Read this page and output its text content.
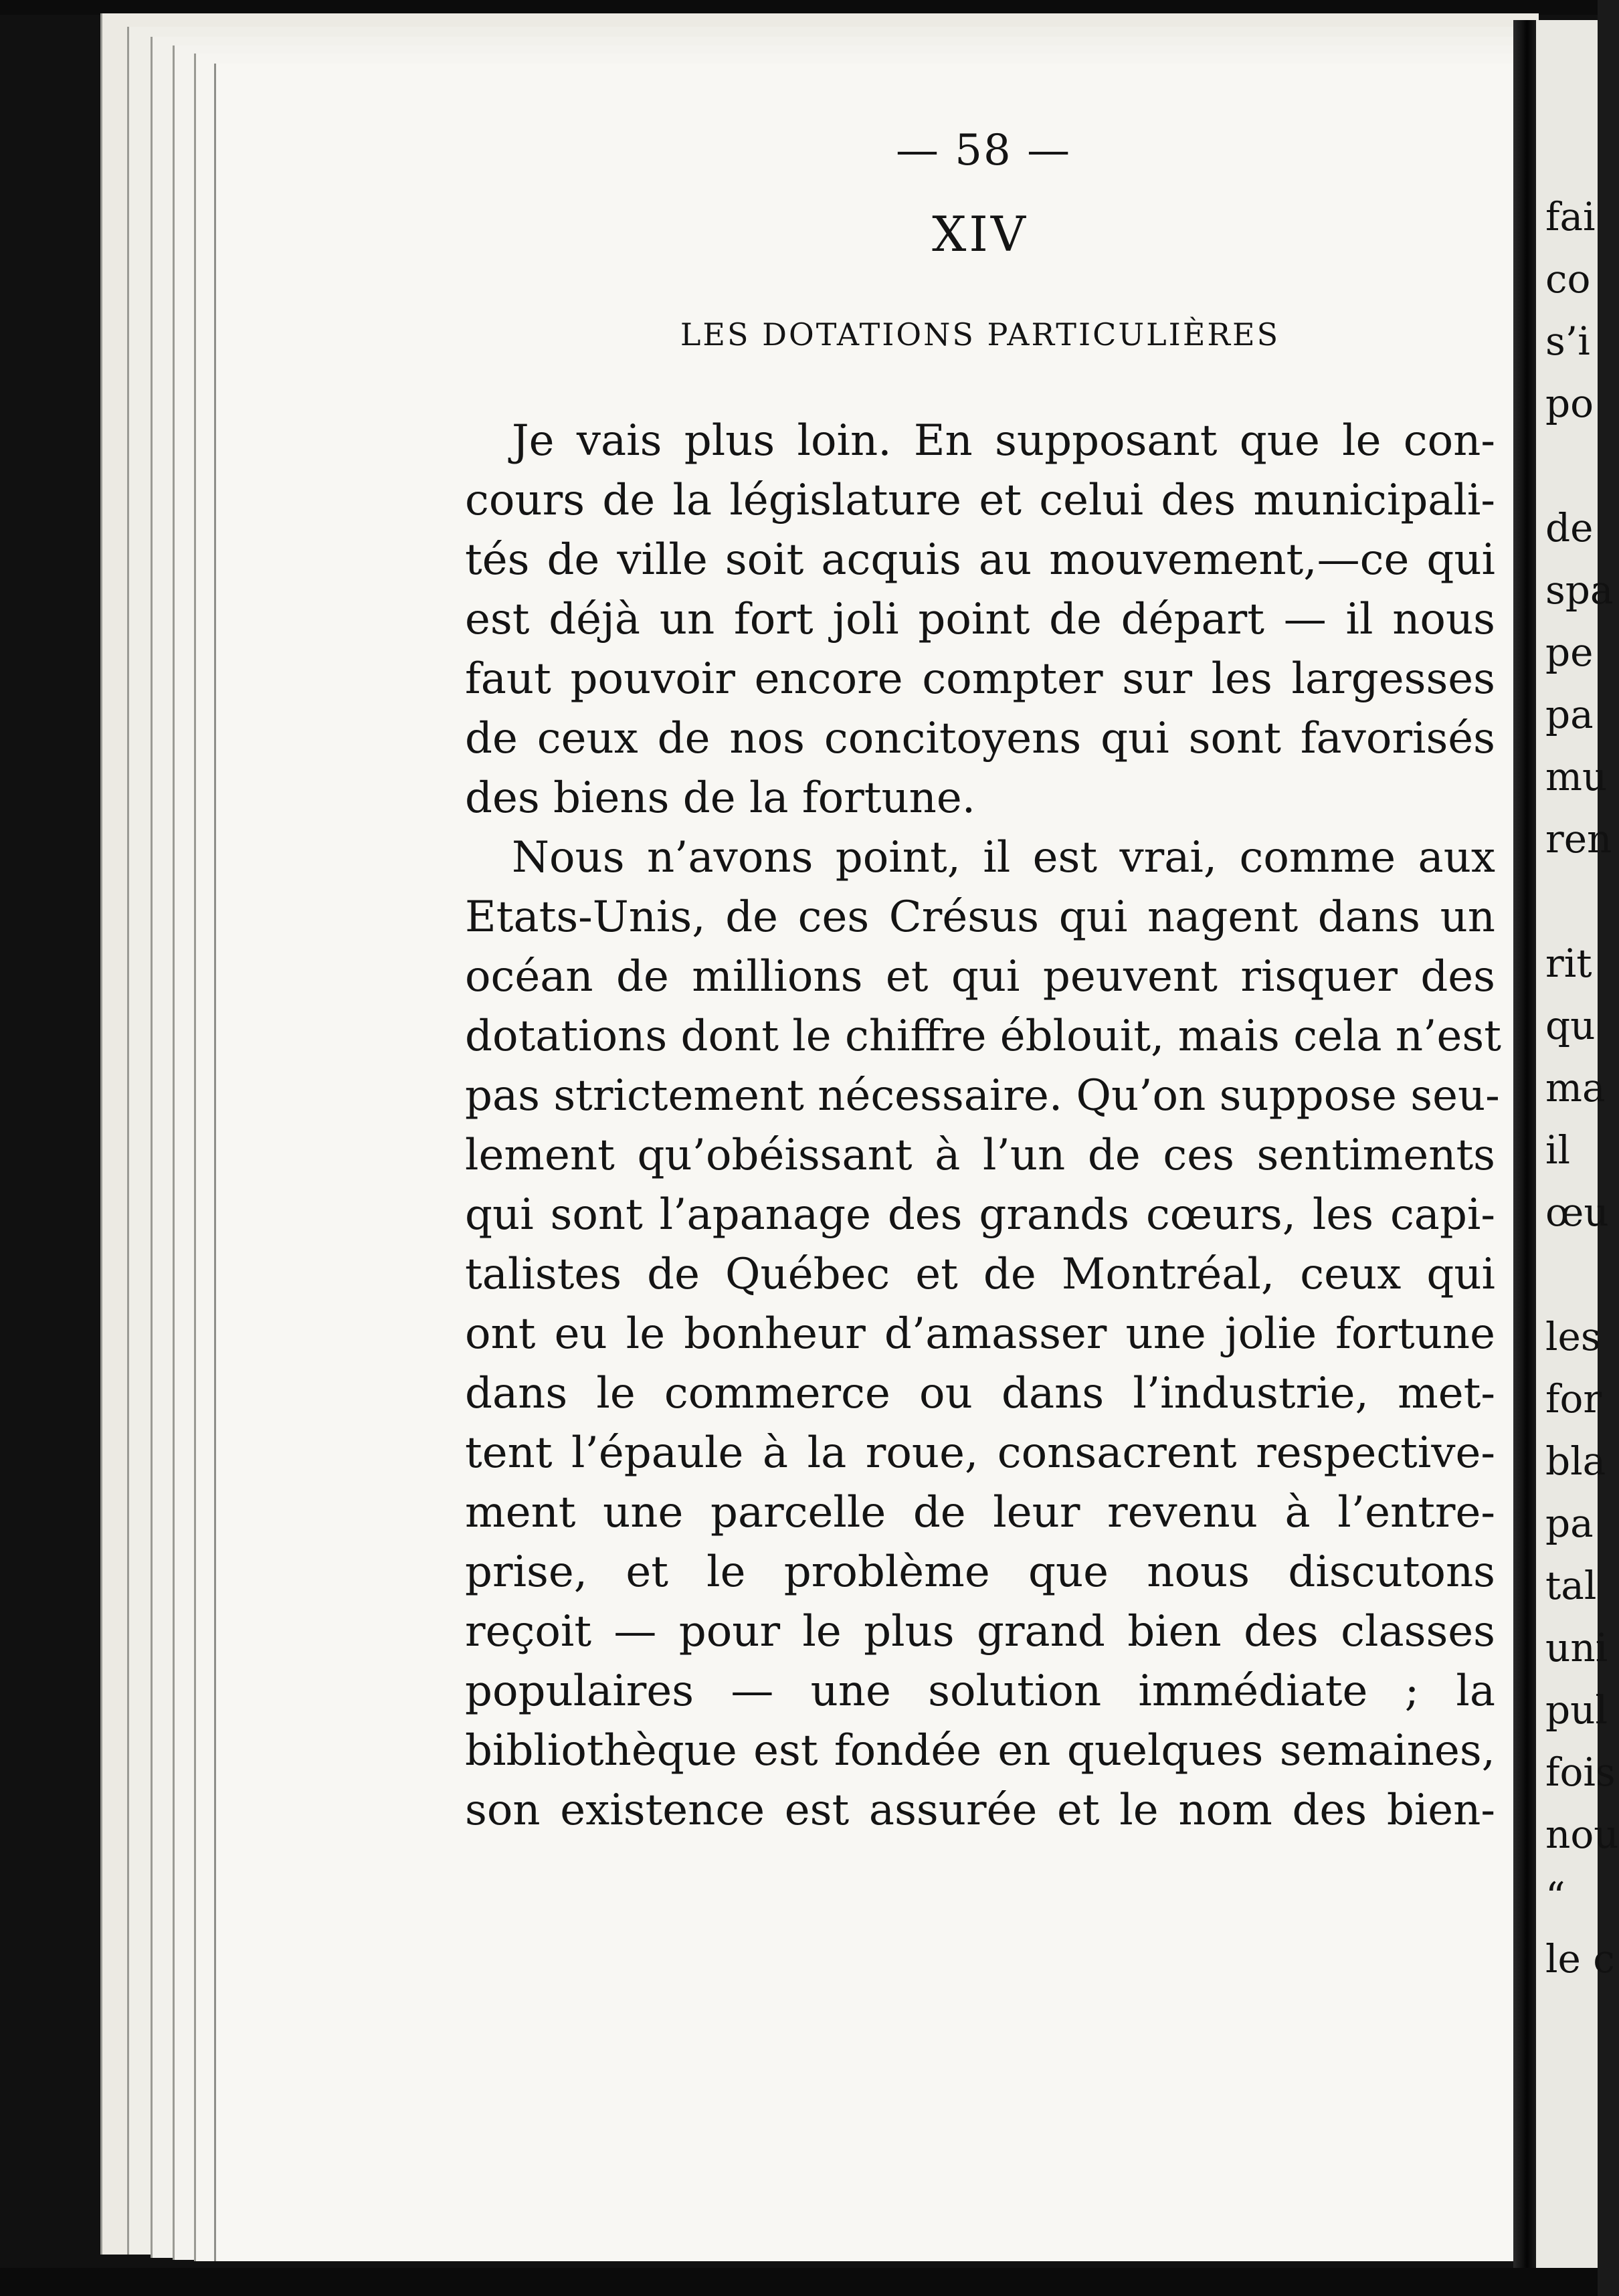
— 58 —
XIV
LES DOTATIONS PARTICULIÈRES
Je vais plus loin. En supposant que le con-
cours de la législature et celui des municipali-
tés de ville soit acquis au mouvement,—ce qui
est déjà un fort joli point de départ — il nous
faut pouvoir encore compter sur les largesses
de ceux de nos concitoyens qui sont favorisés
des biens de la fortune.
Nous n’avons point, il est vrai, comme aux
Etats-Unis, de ces Crésus qui nagent dans un
océan de millions et qui peuvent risquer des
dotations dont le chiffre éblouit, mais cela n’est
pas strictement nécessaire. Qu’on suppose seu-
lement qu’obéissant à l’un de ces sentiments
qui sont l’apanage des grands cœurs, les capi-
talistes de Québec et de Montréal, ceux qui
ont eu le bonheur d’amasser une jolie fortune
dans le commerce ou dans l’industrie, met-
tent l’épaule à la roue, consacrent respective-
ment une parcelle de leur revenu à l’entre-
prise, et le problème que nous discutons
reçoit — pour le plus grand bien des classes
populaires — une solution immédiate ; la
bibliothèque est fondée en quelques semaines,
son existence est assurée et le nom des bien-
fai
co
s’i
po
de
spa
pe
pa
mu
ren
rit
qu
ma
il
œu
les
for
bla
pa
tal
uni
pul
fois
nou
“
le c
